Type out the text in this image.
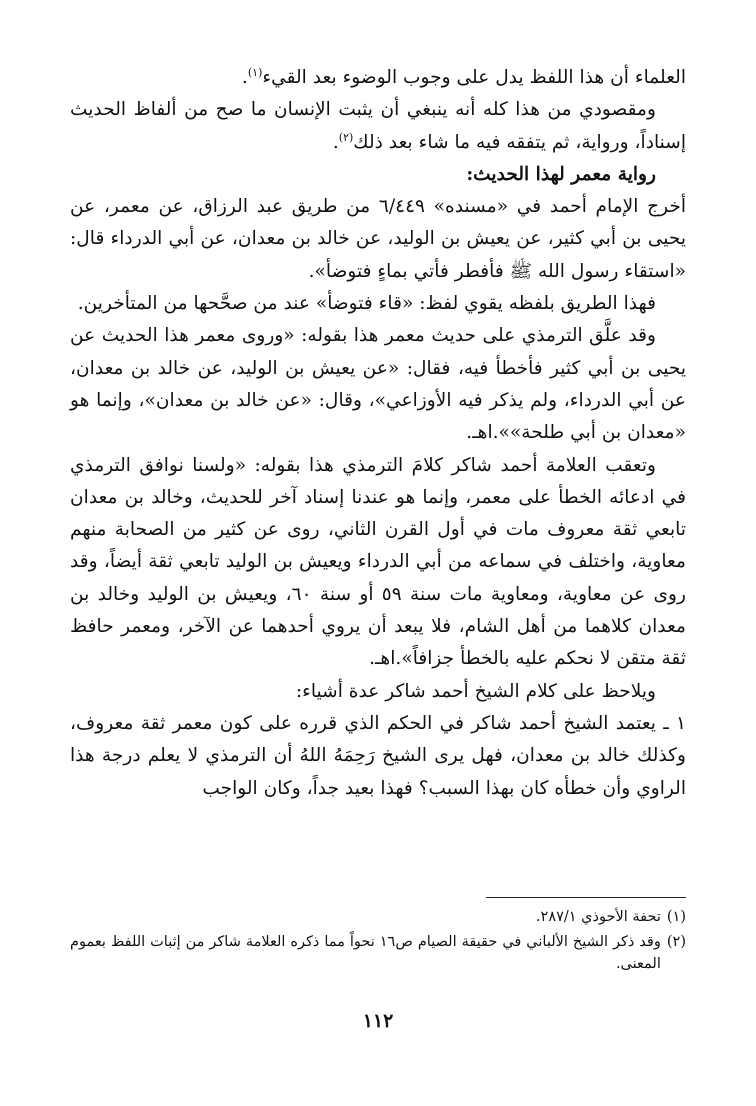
العلماء أن هذا اللفظ يدل على وجوب الوضوء بعد القيء$^{(١)}$.

ومقصودي من هذا كله أنه ينبغي أن يثبت الإنسان ما صح من ألفاظ الحديث إسناداً، ورواية، ثم يتفقه فيه ما شاء بعد ذلك$^{(٢)}$.

رواية معمر لهذا الحديث:

أخرج الإمام أحمد في «مسنده» ٦/٤٤٩ من طريق عبد الرزاق، عن معمر، عن يحيى بن أبي كثير، عن يعيش بن الوليد، عن خالد بن معدان، عن أبي الدرداء قال: «استقاء رسول الله ﷺ فأفطر فأتي بماءٍ فتوضأ».

فهذا الطريق بلفظه يقوي لفظ: «قاء فتوضأ» عند من صحَّحها من المتأخرين.

وقد علَّق الترمذي على حديث معمر هذا بقوله: «وروى معمر هذا الحديث عن يحيى بن أبي كثير فأخطأ فيه، فقال: «عن يعيش بن الوليد، عن خالد بن معدان، عن أبي الدرداء، ولم يذكر فيه الأوزاعي»، وقال: «عن خالد بن معدان»، وإنما هو «معدان بن أبي طلحة»».اهـ.

وتعقب العلامة أحمد شاكر كلامَ الترمذي هذا بقوله: «ولسنا نوافق الترمذي في ادعائه الخطأ على معمر، وإنما هو عندنا إسناد آخر للحديث، وخالد بن معدان تابعي ثقة معروف مات في أول القرن الثاني، روى عن كثير من الصحابة منهم معاوية، واختلف في سماعه من أبي الدرداء ويعيش بن الوليد تابعي ثقة أيضاً، وقد روى عن معاوية، ومعاوية مات سنة ٥٩ أو سنة ٦٠، ويعيش بن الوليد وخالد بن معدان كلاهما من أهل الشام، فلا يبعد أن يروي أحدهما عن الآخر، ومعمر حافظ ثقة متقن لا نحكم عليه بالخطأ جزافاً».اهـ.

ويلاحظ على كلام الشيخ أحمد شاكر عدة أشياء:

١ ـ يعتمد الشيخ أحمد شاكر في الحكم الذي قرره على كون معمر ثقة معروف، وكذلك خالد بن معدان، فهل يرى الشيخ رَحِمَهُ اللهُ أن الترمذي لا يعلم درجة هذا الراوي وأن خطأه كان بهذا السبب؟ فهذا بعيد جداً، وكان الواجب

(١)
تحفة الأحوذي ٢٨٧/١.
(٢)
وقد ذكر الشيخ الألباني في حقيقة الصيام ص١٦ نحواً مما ذكره العلامة شاكر من إثبات اللفظ بعموم المعنى.
١١٢
